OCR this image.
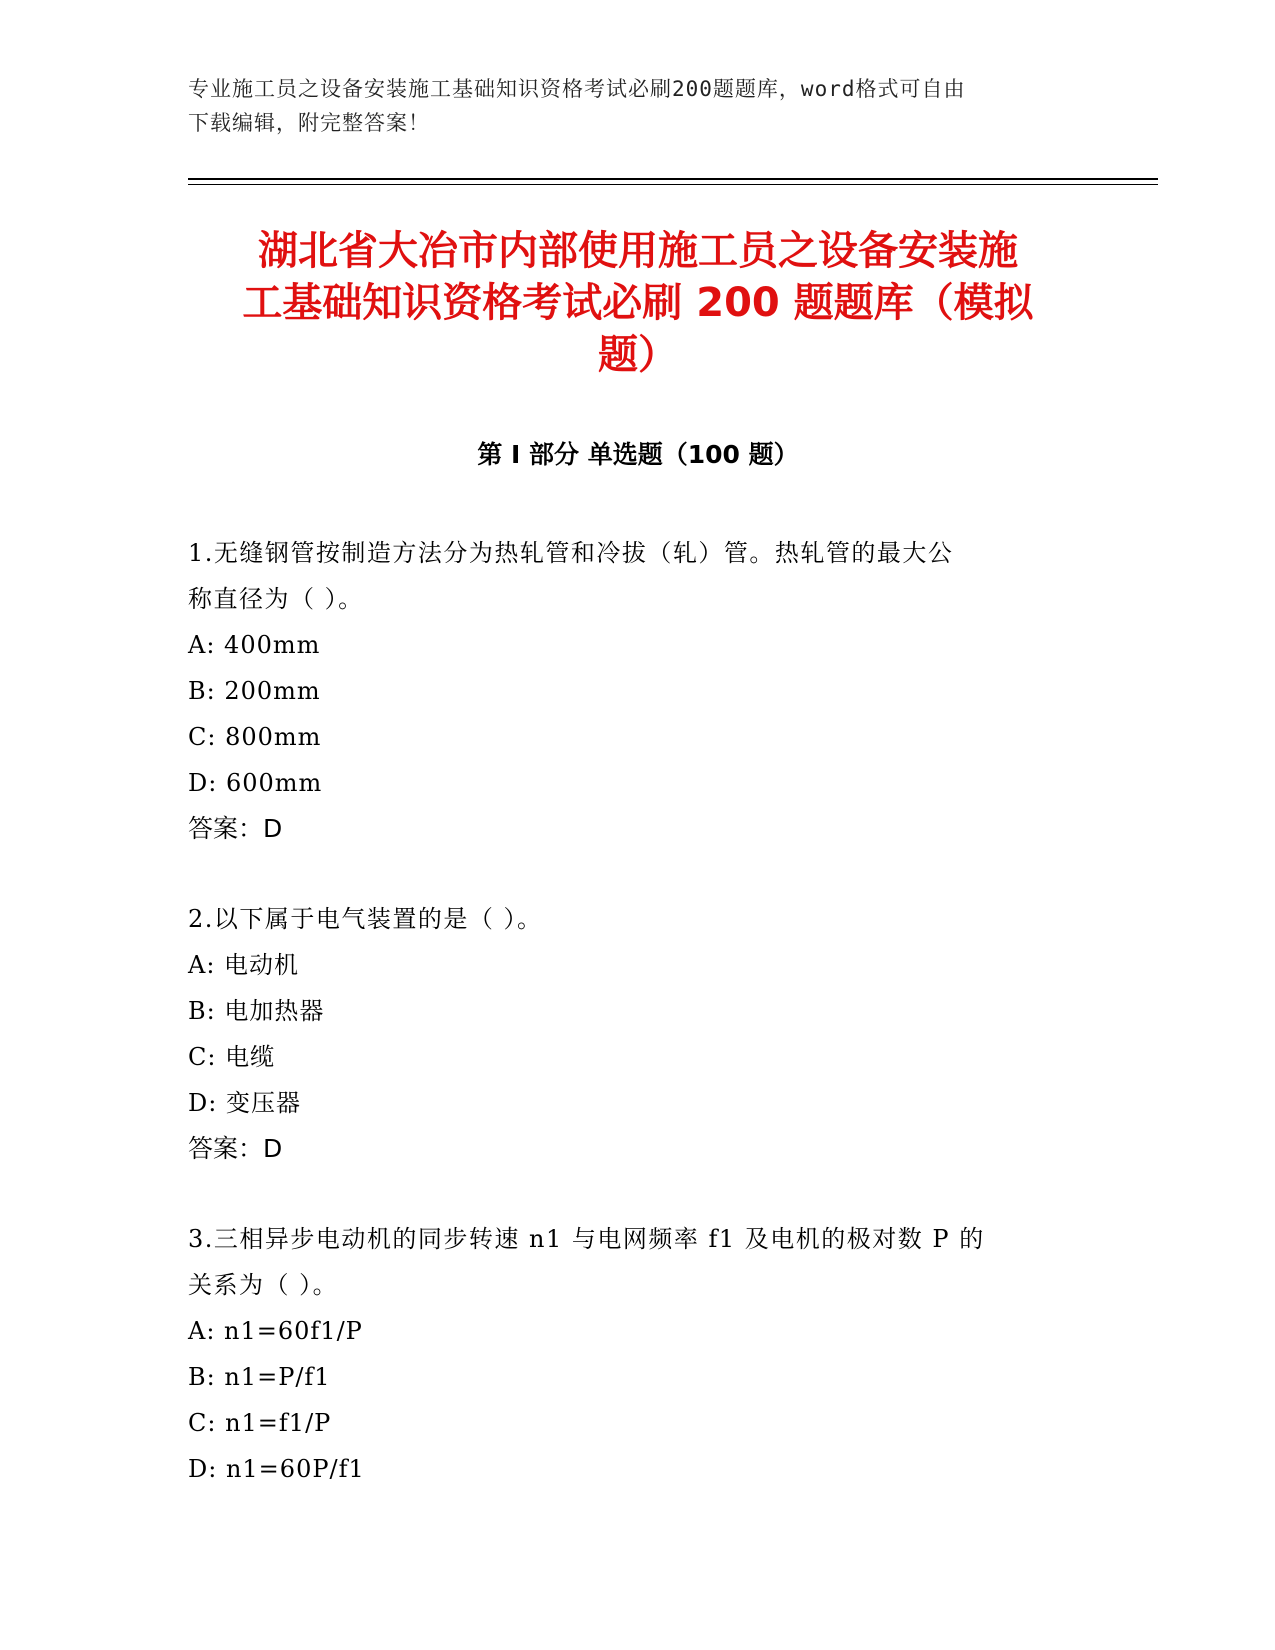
专业施工员之设备安装施工基础知识资格考试必刷200题题库，word格式可自由
下载编辑，附完整答案！
湖北省大冶市内部使用施工员之设备安装施
工基础知识资格考试必刷 200 题题库（模拟
题）
第 I 部分 单选题（100 题）
1.无缝钢管按制造方法分为热轧管和冷拔（轧）管。热轧管的最大公
称直径为（ ）。
A: 400mm
B: 200mm
C: 800mm
D: 600mm
答案：D
2.以下属于电气装置的是（ ）。
A: 电动机
B: 电加热器
C: 电缆
D: 变压器
答案：D
3.三相异步电动机的同步转速 n1 与电网频率 f1 及电机的极对数 P 的
关系为（ ）。
A: n1=60f1/P
B: n1=P/f1
C: n1=f1/P
D: n1=60P/f1
